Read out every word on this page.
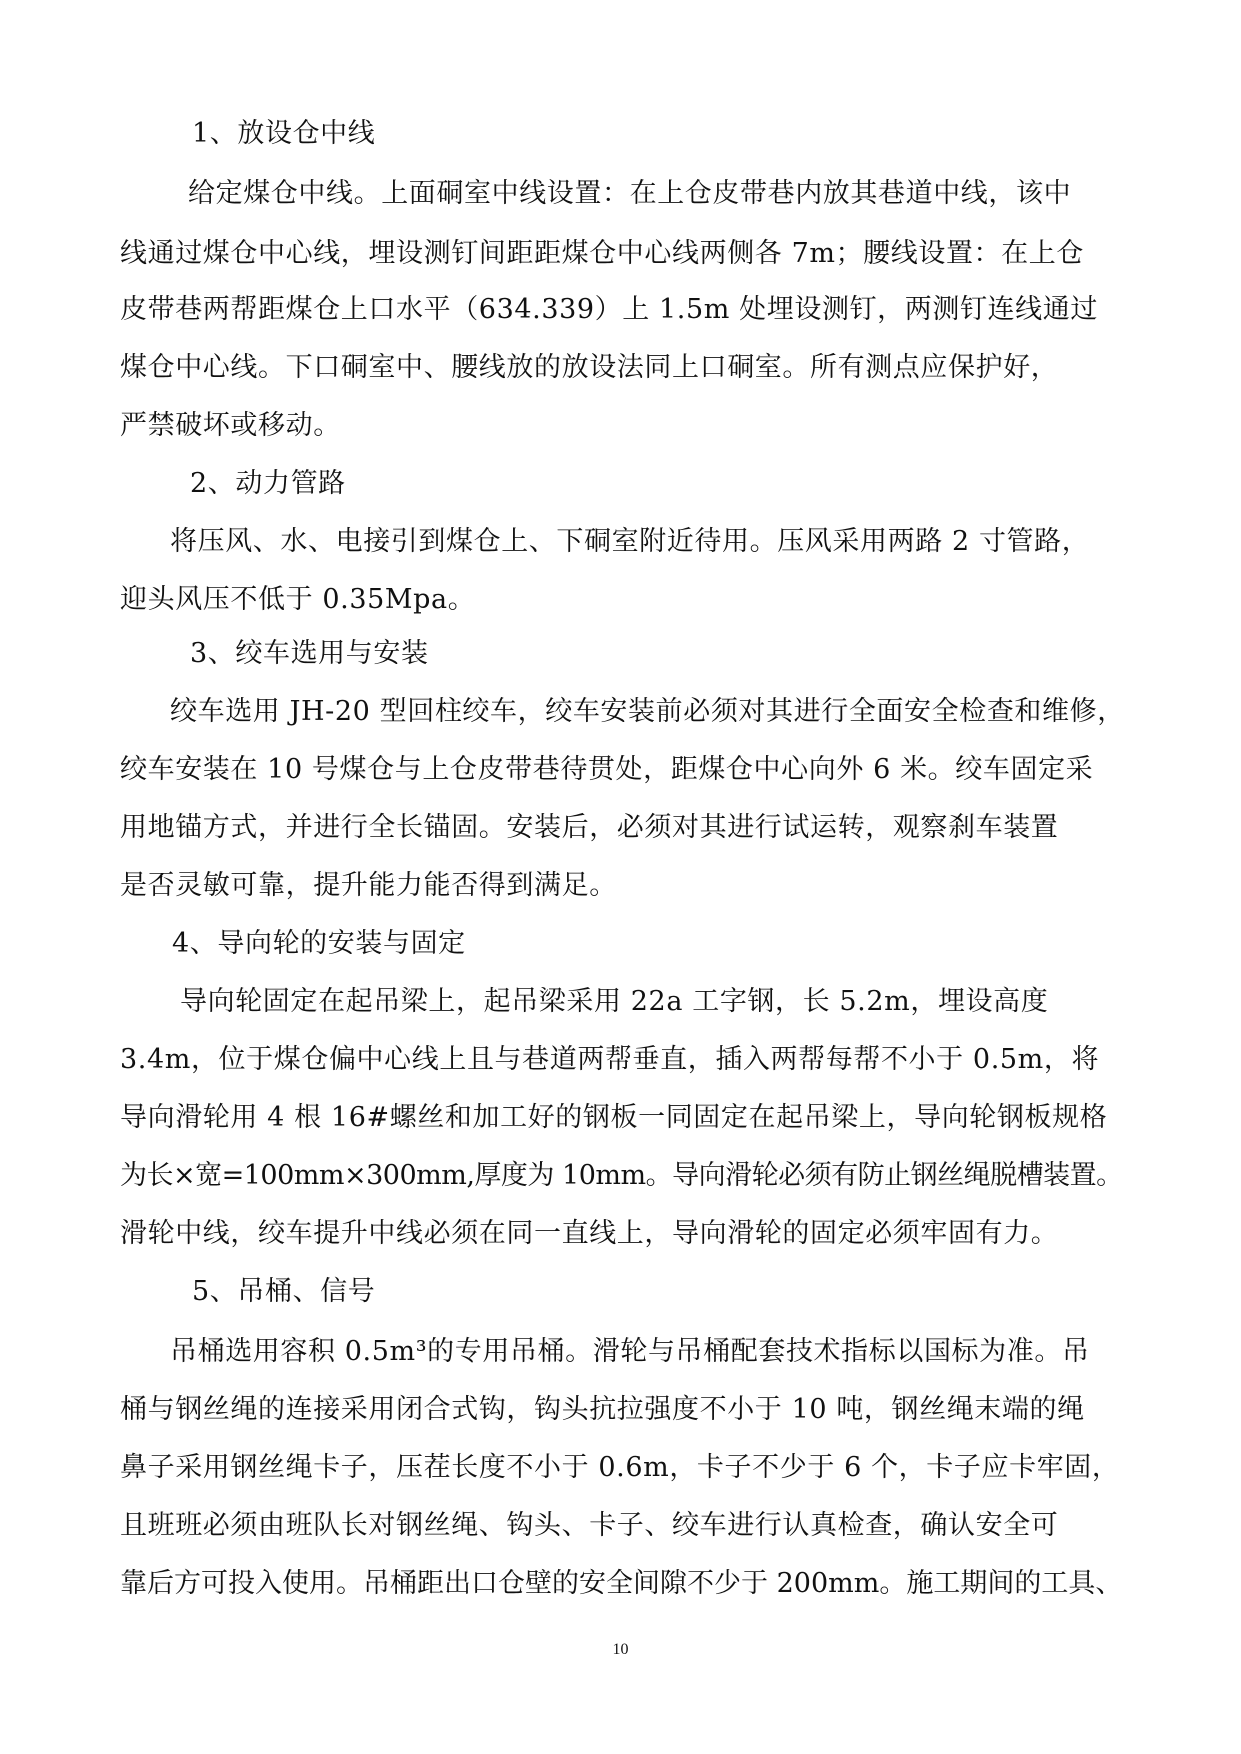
1、放设仓中线
给定煤仓中线。上面硐室中线设置：在上仓皮带巷内放其巷道中线，该中
线通过煤仓中心线，埋设测钉间距距煤仓中心线两侧各 7m；腰线设置：在上仓
皮带巷两帮距煤仓上口水平（634.339）上 1.5m 处埋设测钉，两测钉连线通过
煤仓中心线。下口硐室中、腰线放的放设法同上口硐室。所有测点应保护好，
严禁破坏或移动。
2、动力管路
将压风、水、电接引到煤仓上、下硐室附近待用。压风采用两路 2 寸管路，
迎头风压不低于 0.35Mpa。
3、绞车选用与安装
绞车选用 JH-20 型回柱绞车，绞车安装前必须对其进行全面安全检查和维修，
绞车安装在 10 号煤仓与上仓皮带巷待贯处，距煤仓中心向外 6 米。绞车固定采
用地锚方式，并进行全长锚固。安装后，必须对其进行试运转，观察刹车装置
是否灵敏可靠，提升能力能否得到满足。
4、导向轮的安装与固定
导向轮固定在起吊梁上，起吊梁采用 22a 工字钢，长 5.2m，埋设高度
3.4m，位于煤仓偏中心线上且与巷道两帮垂直，插入两帮每帮不小于 0.5m，将
导向滑轮用 4 根 16#螺丝和加工好的钢板一同固定在起吊梁上，导向轮钢板规格
为长×宽=100mm×300mm,厚度为 10mm。导向滑轮必须有防止钢丝绳脱槽装置。
滑轮中线，绞车提升中线必须在同一直线上，导向滑轮的固定必须牢固有力。
5、吊桶、信号
吊桶选用容积 0.5m³的专用吊桶。滑轮与吊桶配套技术指标以国标为准。吊
桶与钢丝绳的连接采用闭合式钩，钩头抗拉强度不小于 10 吨，钢丝绳末端的绳
鼻子采用钢丝绳卡子，压茬长度不小于 0.6m，卡子不少于 6 个，卡子应卡牢固，
且班班必须由班队长对钢丝绳、钩头、卡子、绞车进行认真检查，确认安全可
靠后方可投入使用。吊桶距出口仓壁的安全间隙不少于 200mm。施工期间的工具、
10
